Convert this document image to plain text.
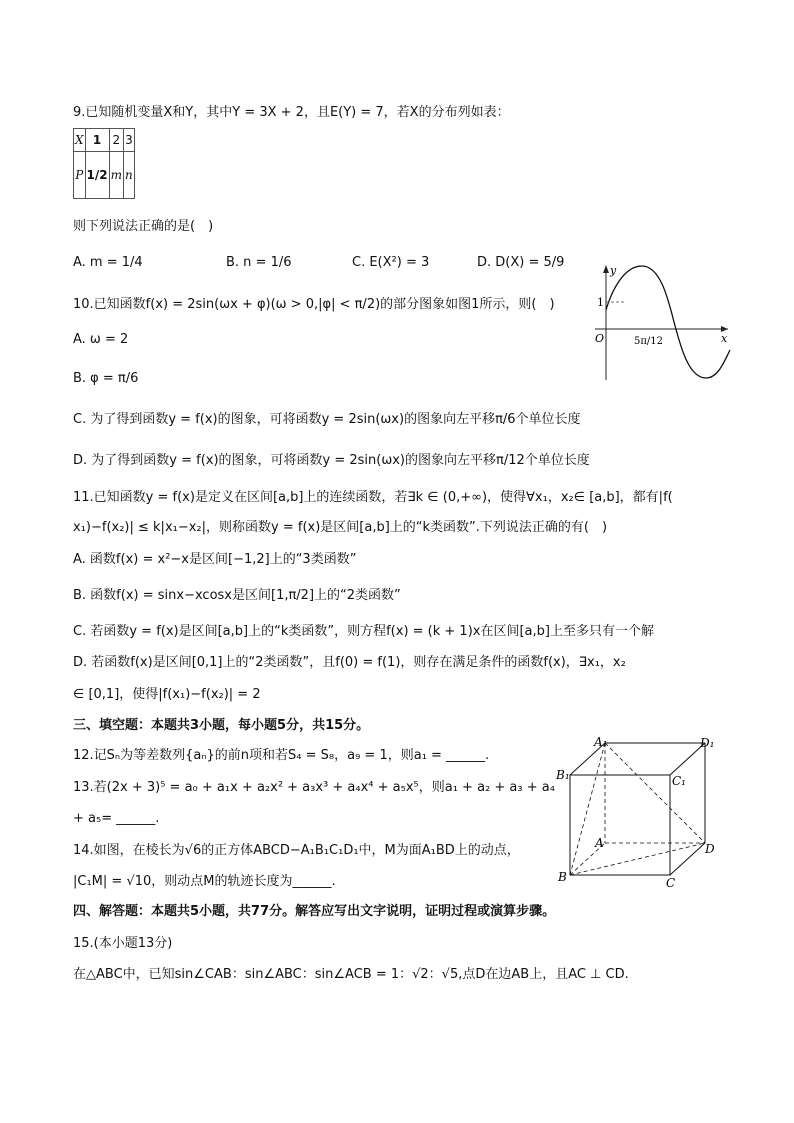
9.已知随机变量X和Y，其中Y = 3X + 2，且E(Y) = 7，若X的分布列如表：
X	1	2	3
P	1/2	m	n
则下列说法正确的是(　)
A. m = 1/4	B. n = 1/6	C. E(X²) = 3	D. D(X) = 5/9
10.已知函数f(x) = 2sin(ωx + φ)(ω > 0,|φ| < π/2)的部分图象如图1所示，则(　)
A. ω = 2
B. φ = π/6
C. 为了得到函数y = f(x)的图象，可将函数y = 2sin(ωx)的图象向左平移π/6个单位长度
D. 为了得到函数y = f(x)的图象，可将函数y = 2sin(ωx)的图象向左平移π/12个单位长度
y
x
O
1
5π/12
11.已知函数y = f(x)是定义在区间[a,b]上的连续函数，若∃k ∈ (0,+∞)，使得∀x₁，x₂∈ [a,b]，都有|f(
x₁)−f(x₂)| ≤ k|x₁−x₂|，则称函数y = f(x)是区间[a,b]上的“k类函数”.下列说法正确的有(　)
A. 函数f(x) = x²−x是区间[−1,2]上的“3类函数”
B. 函数f(x) = sinx−xcosx是区间[1,π/2]上的“2类函数”
C. 若函数y = f(x)是区间[a,b]上的“k类函数”，则方程f(x) = (k + 1)x在区间[a,b]上至多只有一个解
D. 若函数f(x)是区间[0,1]上的“2类函数”，且f(0) = f(1)，则存在满足条件的函数f(x)，∃x₁，x₂
∈ [0,1]，使得|f(x₁)−f(x₂)| = 2
三、填空题：本题共3小题，每小题5分，共15分。
12.记Sₙ为等差数列{aₙ}的前n项和若S₄ = S₈，a₉ = 1，则a₁ = ______.
13.若(2x + 3)⁵ = a₀ + a₁x + a₂x² + a₃x³ + a₄x⁴ + a₅x⁵，则a₁ + a₂ + a₃ + a₄
+ a₅= ______.
14.如图，在棱长为√6的正方体ABCD−A₁B₁C₁D₁中，M为面A₁BD上的动点，
|C₁M| = √10，则动点M的轨迹长度为______.
A₁	D₁
B₁	C₁
A	D
B	C
四、解答题：本题共5小题，共77分。解答应写出文字说明，证明过程或演算步骤。
15.(本小题13分)
在△ABC中，已知sin∠CAB：sin∠ABC：sin∠ACB = 1：√2：√5,点D在边AB上，且AC ⊥ CD.
